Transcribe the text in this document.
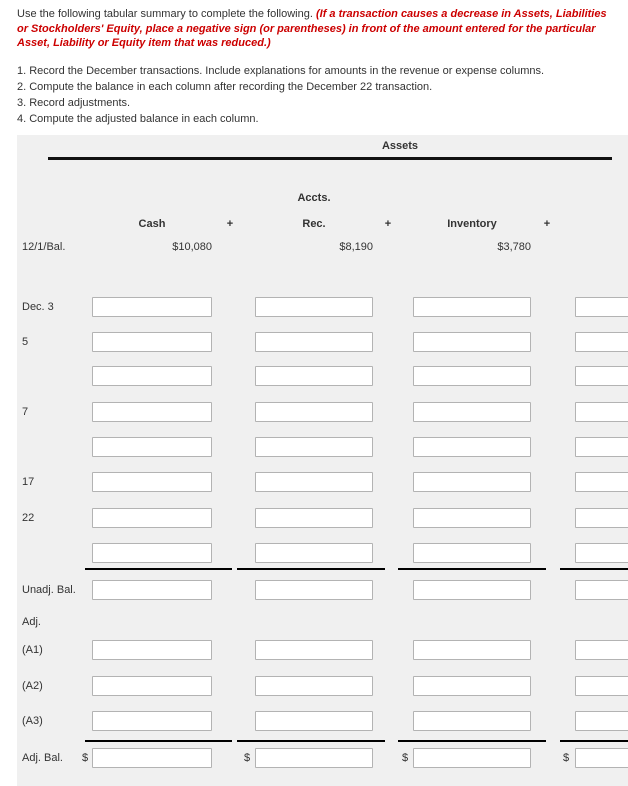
Use the following tabular summary to complete the following. (If a transaction causes a decrease in Assets, Liabilities or Stockholders' Equity, place a negative sign (or parentheses) in front of the amount entered for the particular Asset, Liability or Equity item that was reduced.)

1. Record the December transactions. Include explanations for amounts in the revenue or expense columns.
2. Compute the balance in each column after recording the December 22 transaction.
3. Record adjustments.
4. Compute the adjusted balance in each column.
Assets
Accts.
Cash	+	Rec.	+	Inventory	+
12/1/Bal.	$10,080	$8,190	$3,780
Dec. 3
5
7
17
22
Unadj. Bal.
Adj.
(A1)
(A2)
(A3)
Adj. Bal. $	$	$	$
